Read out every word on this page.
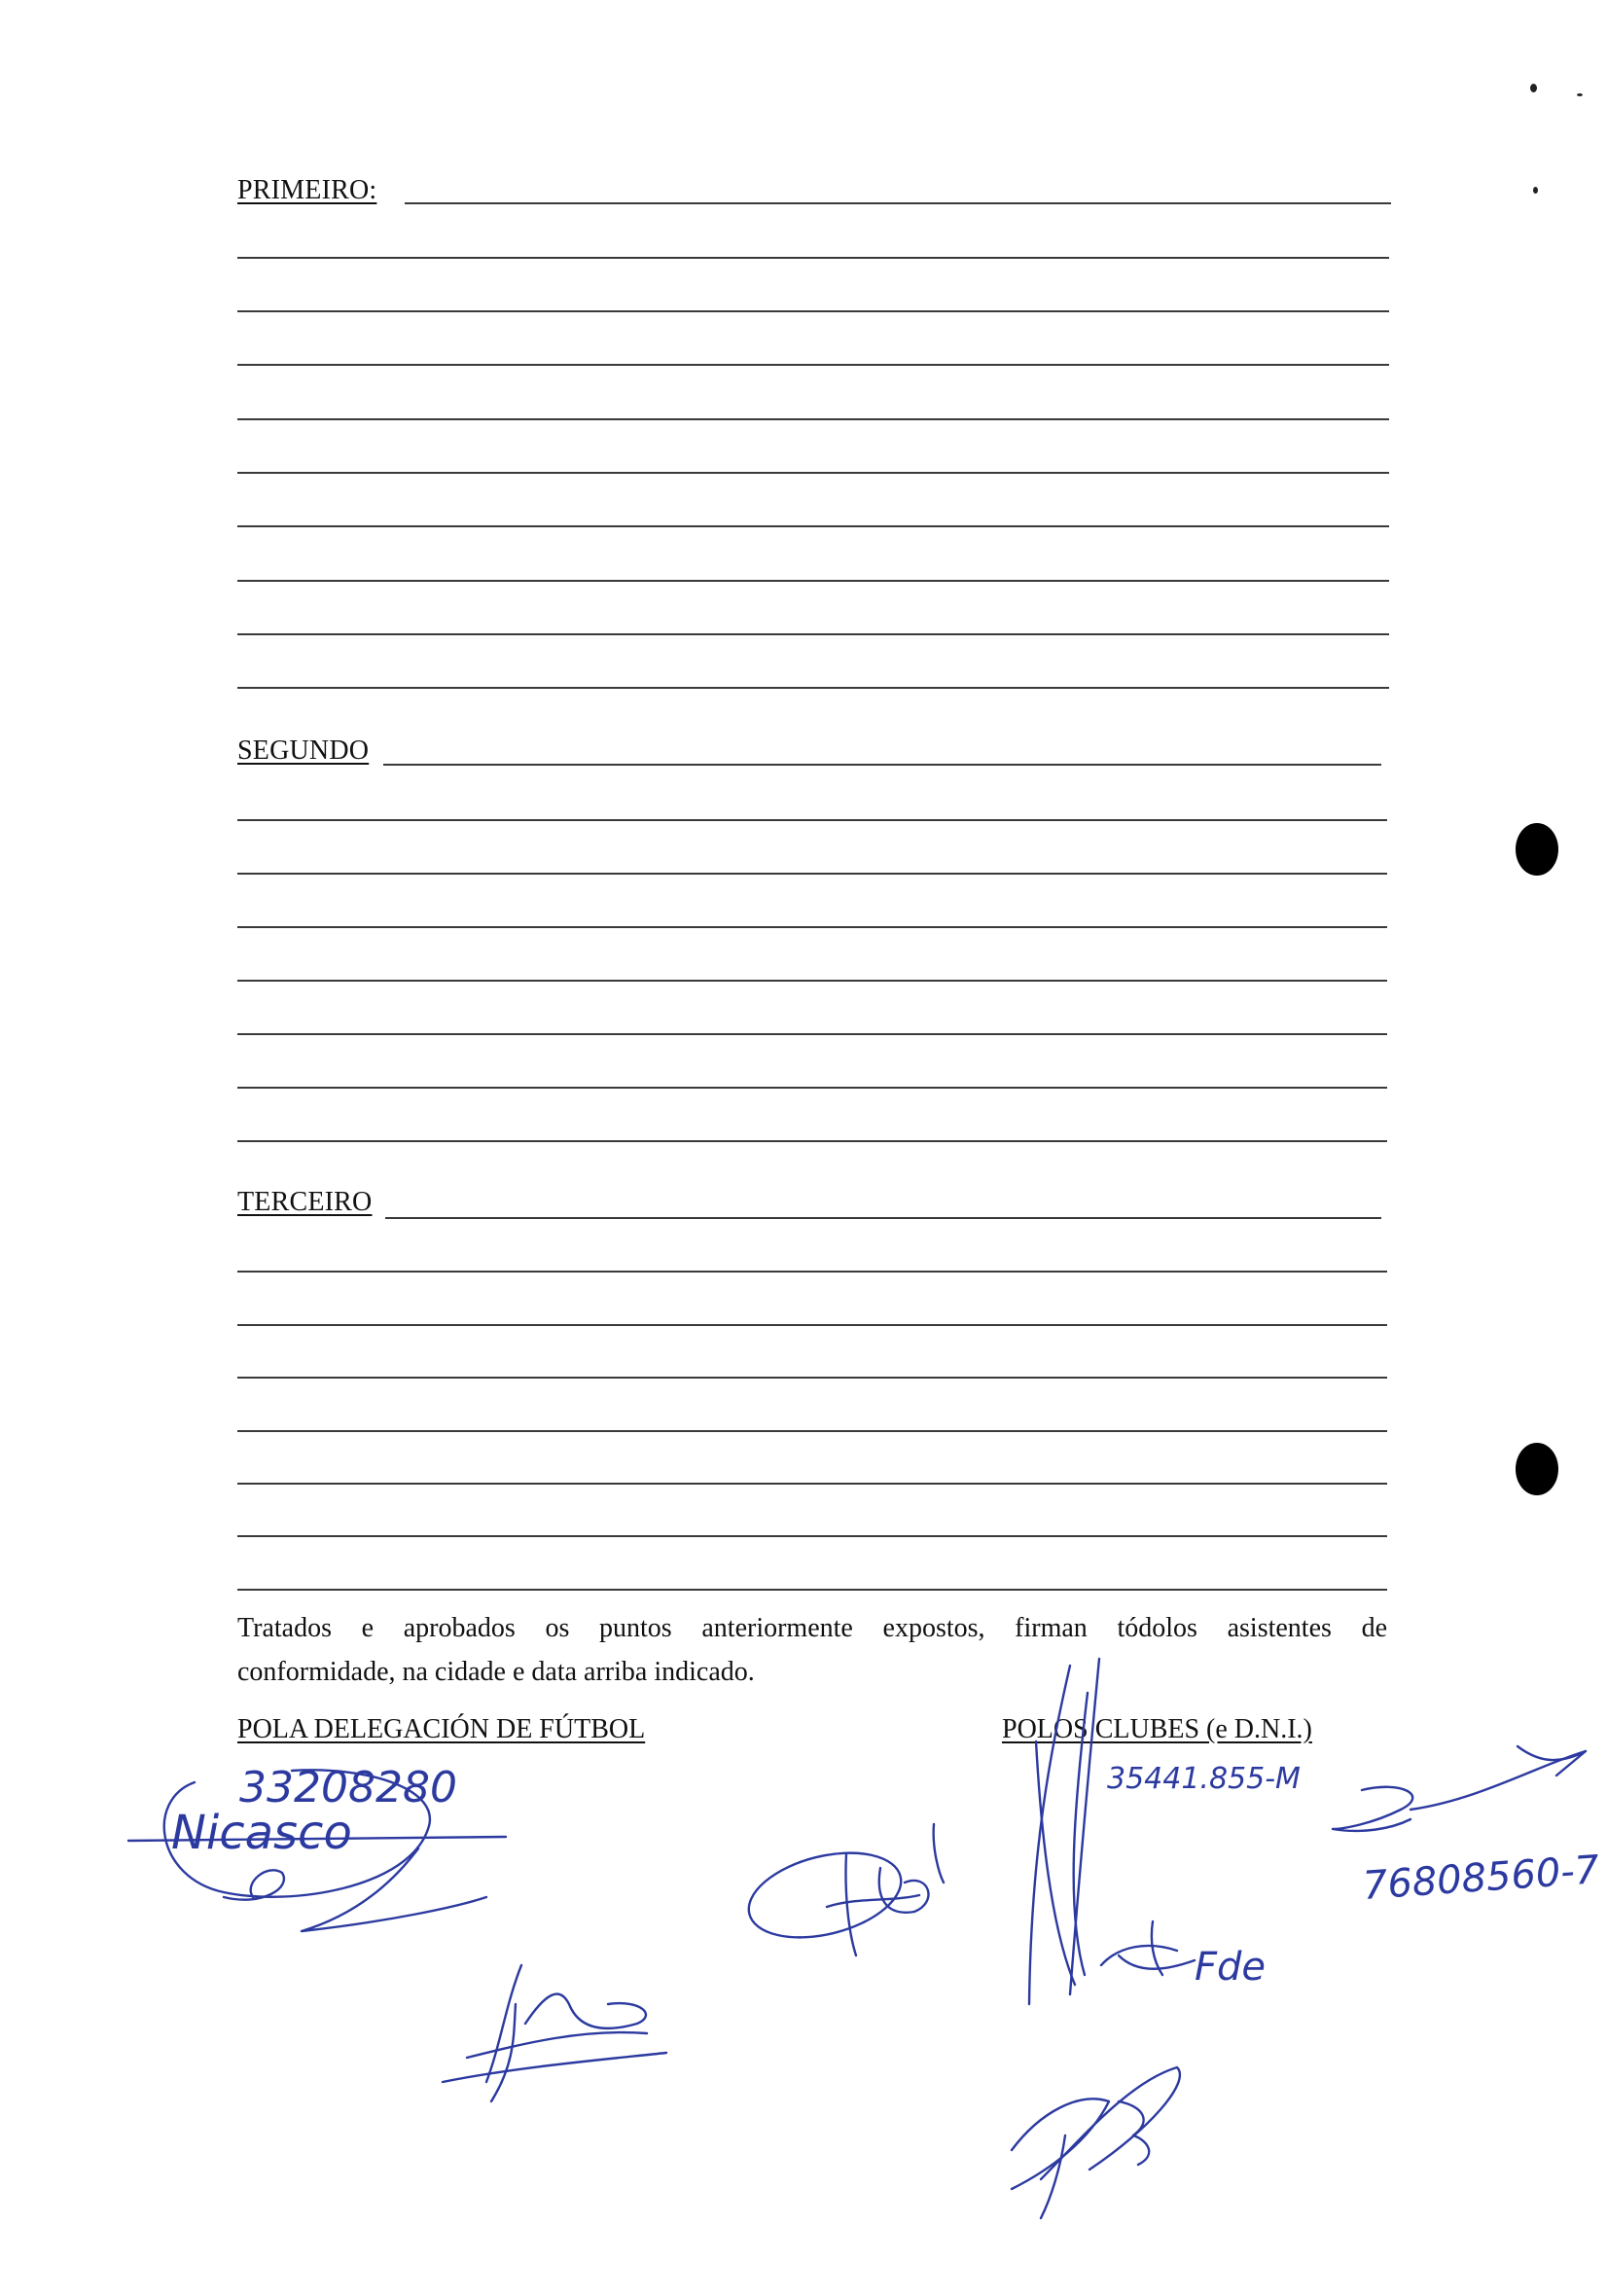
PRIMEIRO:
SEGUNDO
TERCEIRO
Tratados e aprobados os puntos anteriormente expostos, firman tódolos asistentes de
conformidade, na cidade e data arriba indicado.
POLA DELEGACIÓN DE FÚTBOL	POLOS CLUBES (e D.N.I.)
33208280
Nicasco
35441.855-M
Fde
76808560-7
